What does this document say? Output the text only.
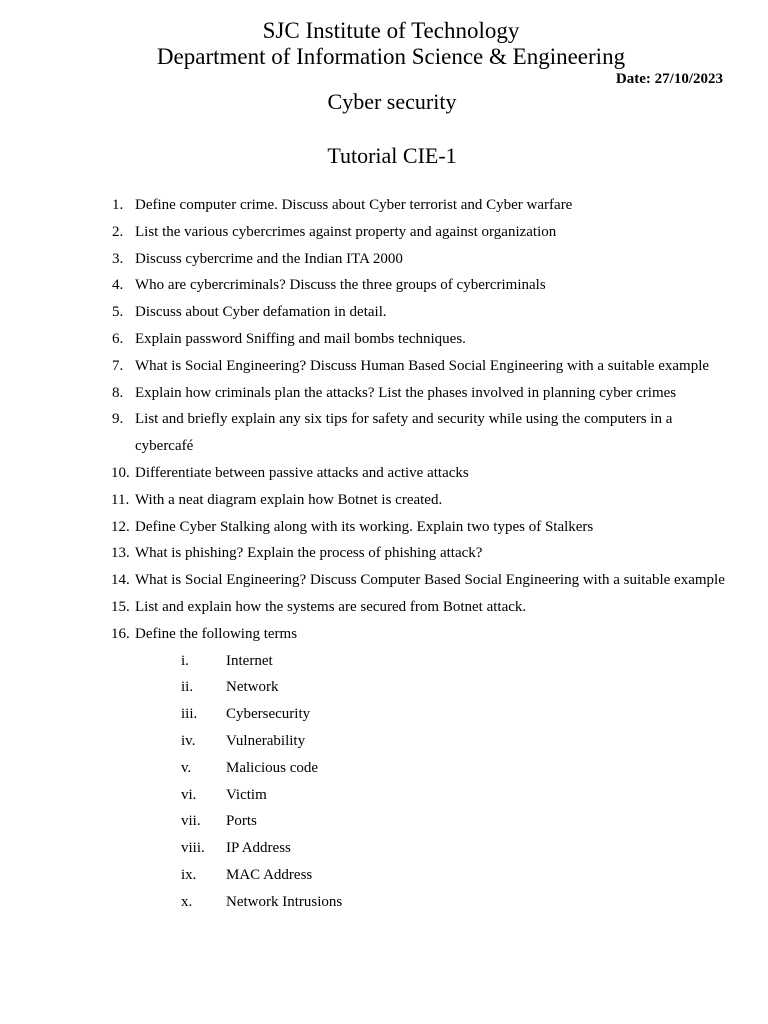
SJC Institute of Technology
Department of Information Science & Engineering
Date: 27/10/2023
Cyber security
Tutorial CIE-1
1. Define computer crime. Discuss about Cyber terrorist and Cyber warfare
2. List the various cybercrimes against property and against organization
3. Discuss cybercrime and the Indian ITA 2000
4. Who are cybercriminals? Discuss the three groups of cybercriminals
5. Discuss about Cyber defamation in detail.
6. Explain password Sniffing and mail bombs techniques.
7. What is Social Engineering? Discuss Human Based Social Engineering with a suitable example
8. Explain how criminals plan the attacks? List the phases involved in planning cyber crimes
9. List and briefly explain any six tips for safety and security while using the computers in a cybercafé
10. Differentiate between passive attacks and active attacks
11. With a neat diagram explain how Botnet is created.
12. Define Cyber Stalking along with its working. Explain two types of Stalkers
13. What is phishing? Explain the process of phishing attack?
14. What is Social Engineering? Discuss Computer Based Social Engineering with a suitable example
15. List and explain how the systems are secured from Botnet attack.
16. Define the following terms
i. Internet
ii. Network
iii. Cybersecurity
iv. Vulnerability
v. Malicious code
vi. Victim
vii. Ports
viii. IP Address
ix. MAC Address
x. Network Intrusions
